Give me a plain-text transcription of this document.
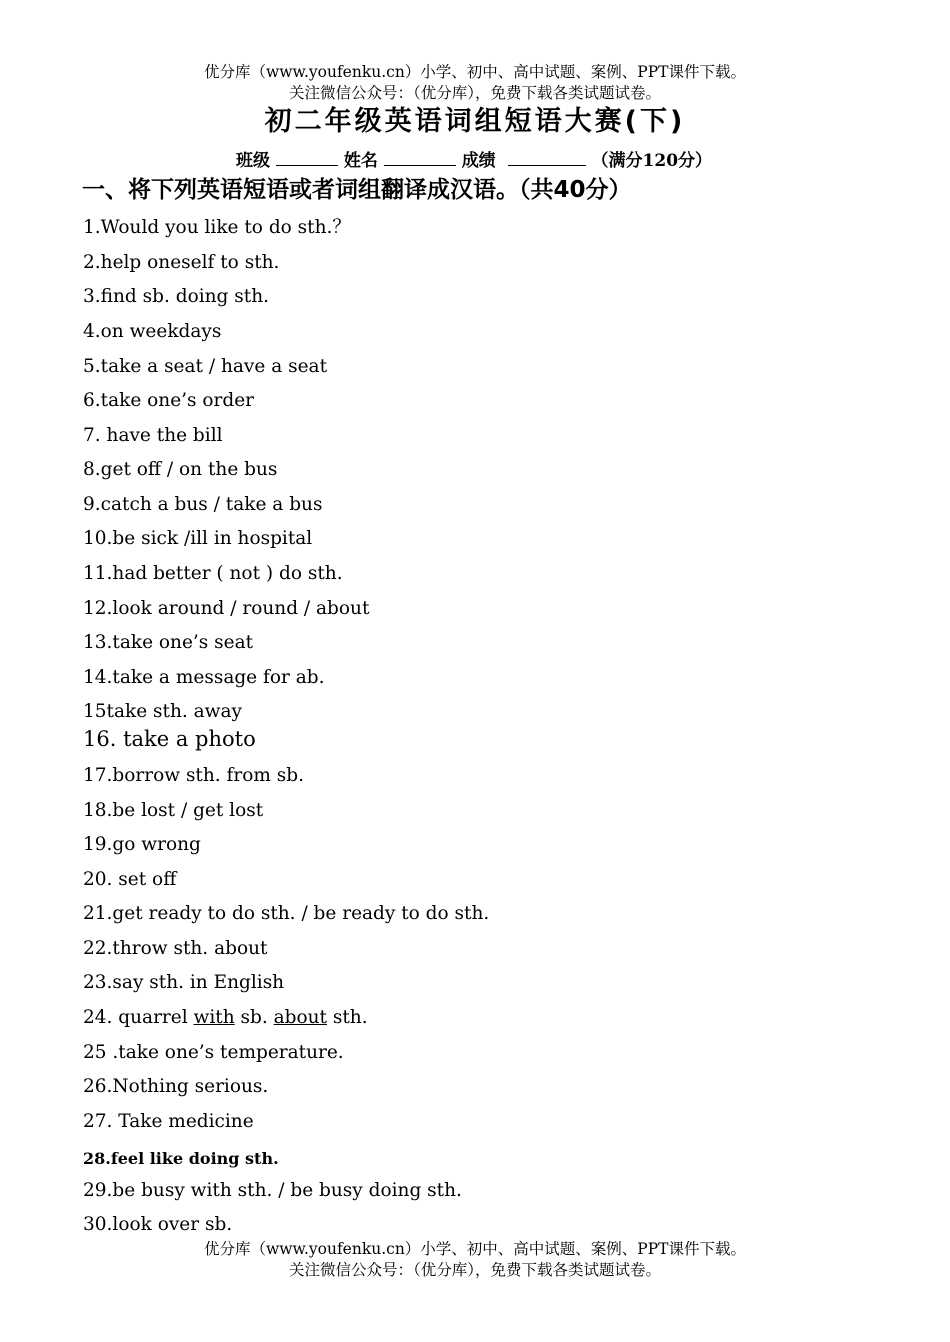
优分库（www.youfenku.cn）小学、初中、高中试题、案例、PPT课件下载。
关注微信公众号：（优分库），免费下载各类试题试卷。
初二年级英语词组短语大赛(下)
班级	姓名	成绩	（满分120分）
一、将下列英语短语或者词组翻译成汉语。（共40分）
1.Would you like to do sth.？
2.help oneself to sth.
3.find sb. doing sth.
4.on weekdays
5.take a seat / have a seat
6.take one’s order
7. have the bill
8.get off / on the bus
9.catch a bus / take a bus
10.be sick /ill in hospital
11.had better ( not ) do sth.
12.look around / round / about
13.take one’s seat
14.take a message for ab.
15take sth. away
16. take a photo
17.borrow sth. from sb.
18.be lost / get lost
19.go wrong
20. set off
21.get ready to do sth. / be ready to do sth.
22.throw sth. about
23.say sth. in English
24. quarrel with sb. about sth.
25 .take one’s temperature.
26.Nothing serious.
27. Take medicine
28.feel like doing sth.
29.be busy with sth. / be busy doing sth.
30.look over sb.
优分库（www.youfenku.cn）小学、初中、高中试题、案例、PPT课件下载。
关注微信公众号：（优分库），免费下载各类试题试卷。
